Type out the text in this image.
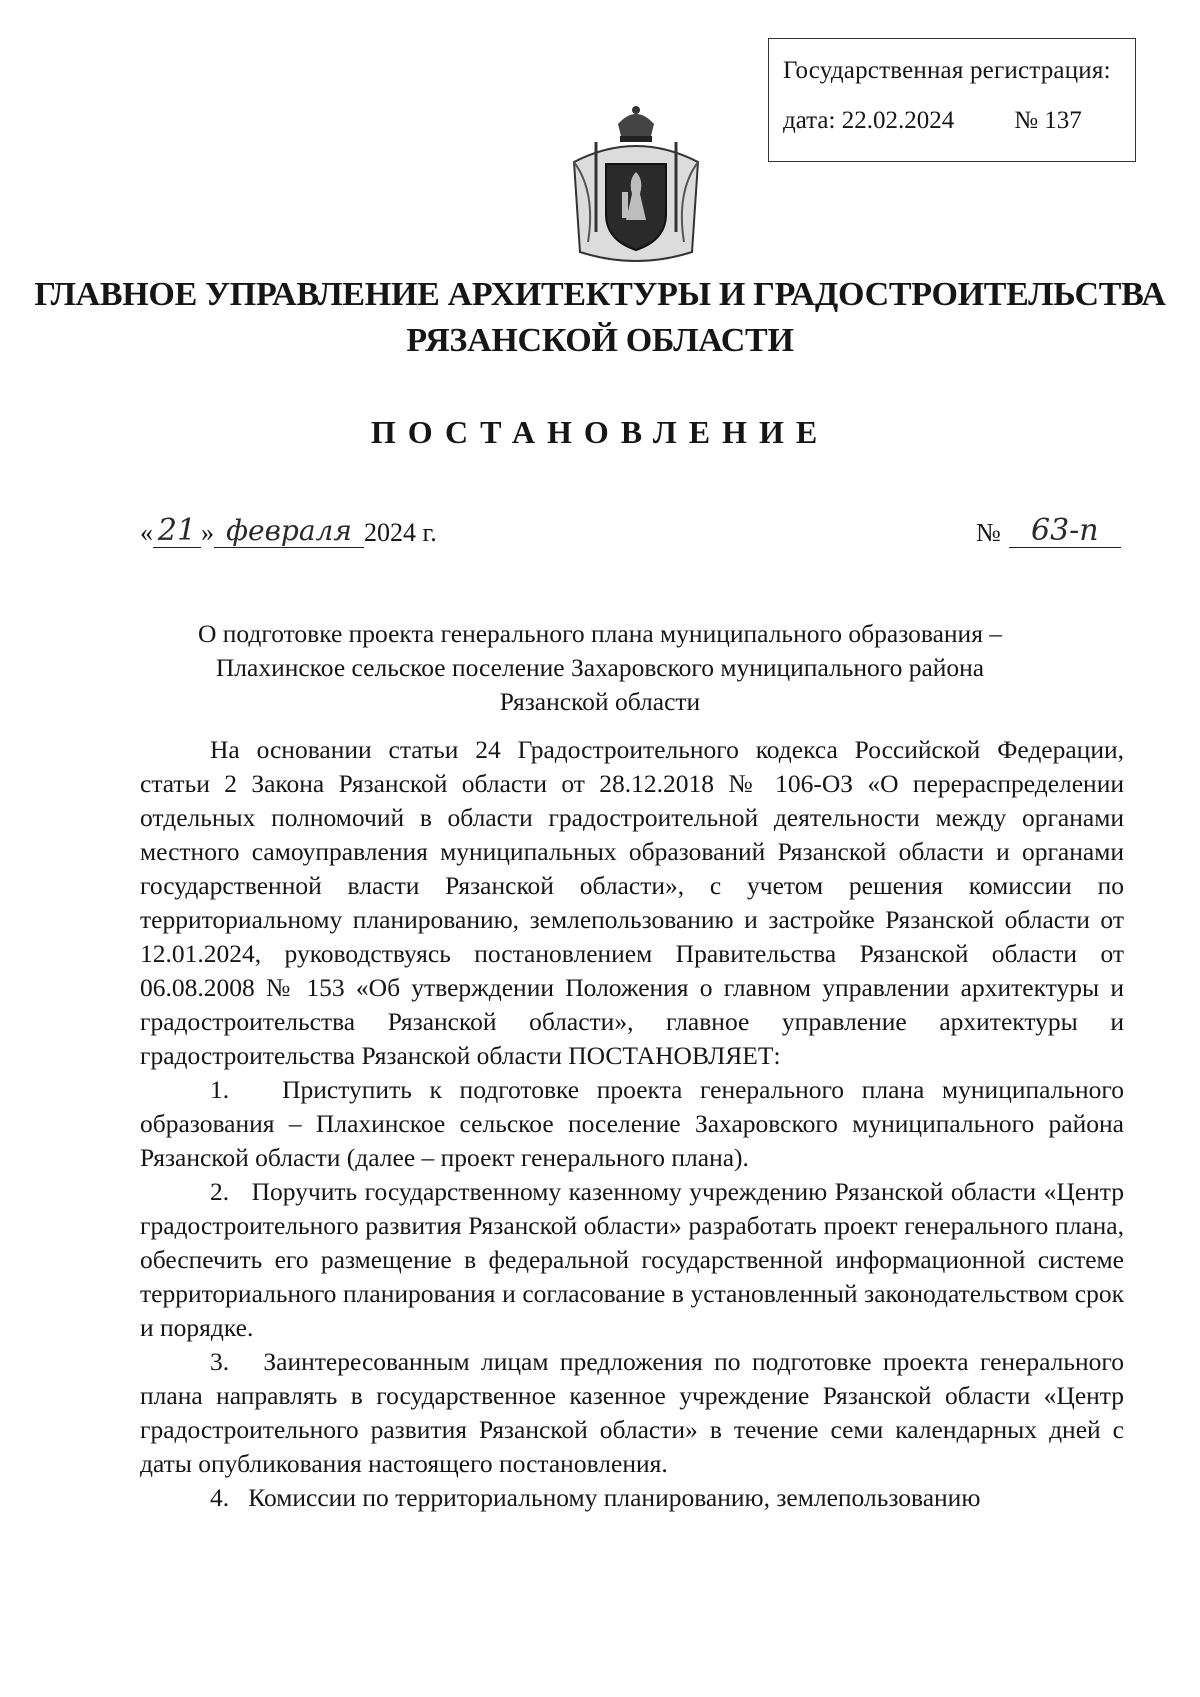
Государственная регистрация:
дата: 22.02.2024 № 137
ГЛАВНОЕ УПРАВЛЕНИЕ АРХИТЕКТУРЫ И ГРАДОСТРОИТЕЛЬСТВА
РЯЗАНСКОЙ ОБЛАСТИ
ПОСТАНОВЛЕНИЕ
« 21 » февраля 2024 г.	№	63-п
О подготовке проекта генерального плана муниципального образования –
Плахинское сельское поселение Захаровского муниципального района
Рязанской области

На основании статьи 24 Градостроительного кодекса Российской Федерации, статьи 2 Закона Рязанской области от 28.12.2018 № 106-ОЗ «О перераспределении отдельных полномочий в области градостроительной деятельности между органами местного самоуправления муниципальных образований Рязанской области и органами государственной власти Рязанской области», с учетом решения комиссии по территориальному планированию, землепользованию и застройке Рязанской области от 12.01.2024, руководствуясь постановлением Правительства Рязанской области от 06.08.2008 № 153 «Об утверждении Положения о главном управлении архитектуры и градостроительства Рязанской области», главное управление архитектуры и градостроительства Рязанской области ПОСТАНОВЛЯЕТ:

1.   Приступить к подготовке проекта генерального плана муниципального образования – Плахинское сельское поселение Захаровского муниципального района Рязанской области (далее – проект генерального плана).

2.   Поручить государственному казенному учреждению Рязанской области «Центр градостроительного развития Рязанской области» разработать проект генерального плана, обеспечить его размещение в федеральной государственной информационной системе территориального планирования и согласование в установленный законодательством срок и порядке.

3.   Заинтересованным лицам предложения по подготовке проекта генерального плана направлять в государственное казенное учреждение Рязанской области «Центр градостроительного развития Рязанской области» в течение семи календарных дней с даты опубликования настоящего постановления.

4.   Комиссии по территориальному планированию, землепользованию
